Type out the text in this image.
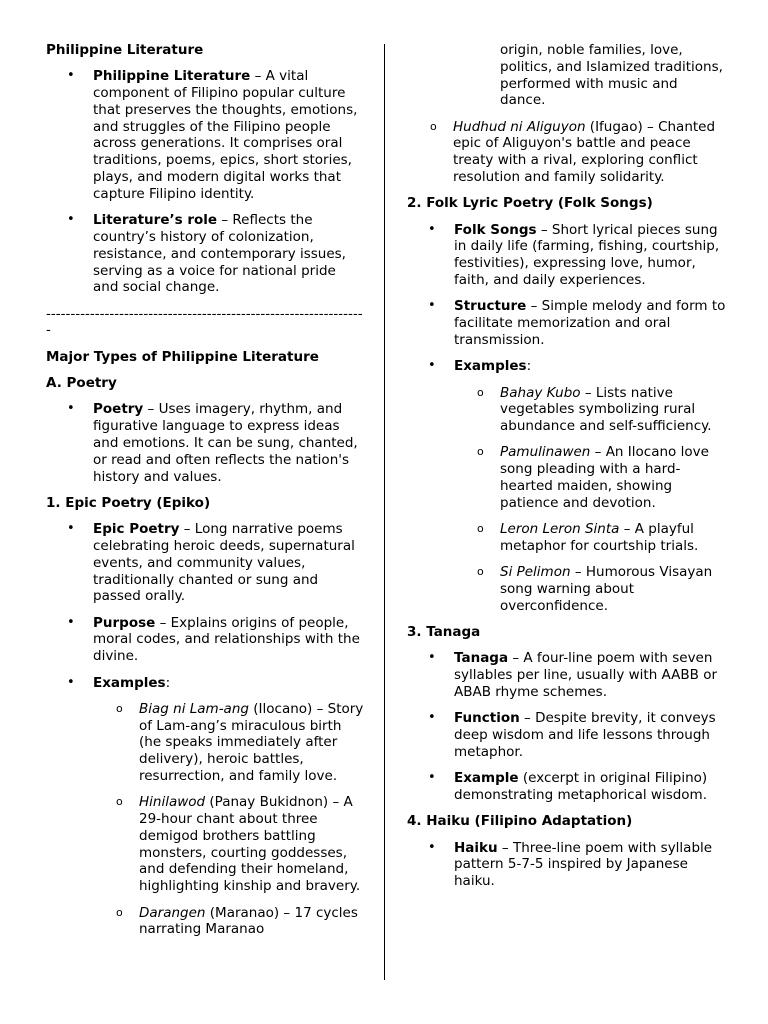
Philippine Literature
• Philippine Literature – A vital component of Filipino popular culture that preserves the thoughts, emotions, and struggles of the Filipino people across generations. It comprises oral traditions, poems, epics, short stories, plays, and modern digital works that capture Filipino identity.
• Literature’s role – Reflects the country’s history of colonization, resistance, and contemporary issues, serving as a voice for national pride and social change.
------------------------------------------------------------------
Major Types of Philippine Literature
A. Poetry
• Poetry – Uses imagery, rhythm, and figurative language to express ideas and emotions. It can be sung, chanted, or read and often reflects the nation's history and values.
1. Epic Poetry (Epiko)
• Epic Poetry – Long narrative poems celebrating heroic deeds, supernatural events, and community values, traditionally chanted or sung and passed orally.
• Purpose – Explains origins of people, moral codes, and relationships with the divine.
• Examples:
o Biag ni Lam-ang (Ilocano) – Story of Lam-ang’s miraculous birth (he speaks immediately after delivery), heroic battles, resurrection, and family love.
o Hinilawod (Panay Bukidnon) – A 29-hour chant about three demigod brothers battling monsters, courting goddesses, and defending their homeland, highlighting kinship and bravery.
o Darangen (Maranao) – 17 cycles narrating Maranao
origin, noble families, love, politics, and Islamized traditions, performed with music and dance.
o Hudhud ni Aliguyon (Ifugao) – Chanted epic of Aliguyon's battle and peace treaty with a rival, exploring conflict resolution and family solidarity.
2. Folk Lyric Poetry (Folk Songs)
• Folk Songs – Short lyrical pieces sung in daily life (farming, fishing, courtship, festivities), expressing love, humor, faith, and daily experiences.
• Structure – Simple melody and form to facilitate memorization and oral transmission.
• Examples:
o Bahay Kubo – Lists native vegetables symbolizing rural abundance and self-sufficiency.
o Pamulinawen – An Ilocano love song pleading with a hard-hearted maiden, showing patience and devotion.
o Leron Leron Sinta – A playful metaphor for courtship trials.
o Si Pelimon – Humorous Visayan song warning about overconfidence.
3. Tanaga
• Tanaga – A four-line poem with seven syllables per line, usually with AABB or ABAB rhyme schemes.
• Function – Despite brevity, it conveys deep wisdom and life lessons through metaphor.
• Example (excerpt in original Filipino) demonstrating metaphorical wisdom.
4. Haiku (Filipino Adaptation)
• Haiku – Three-line poem with syllable pattern 5-7-5 inspired by Japanese haiku.
